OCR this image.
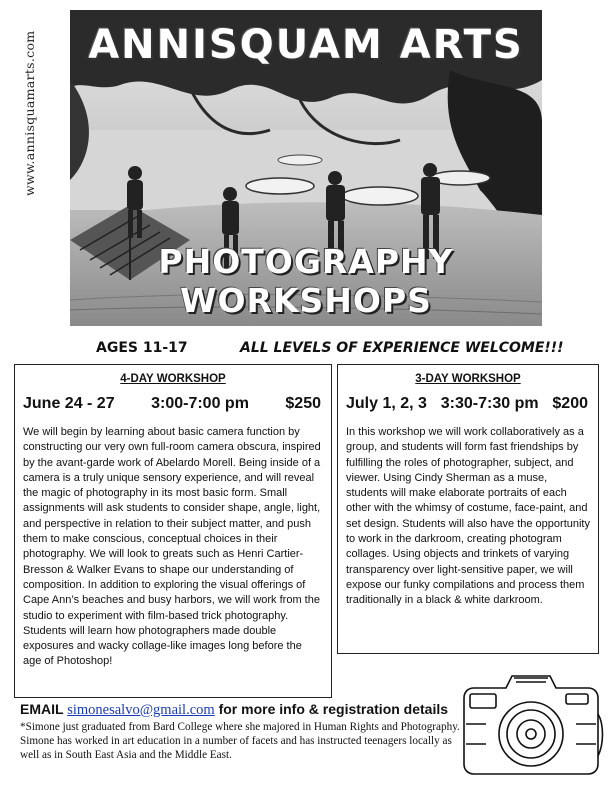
www.annisquamarts.com	ANNISQUAM ARTS
PHOTOGRAPHY WORKSHOPS
AGES 11-17	ALL LEVELS OF EXPERIENCE WELCOME!!!
4-DAY WORKSHOP
June 24 - 27 3:00-7:00 pm $250
We will begin by learning about basic camera function by constructing our very own full-room camera obscura, inspired by the avant-garde work of Abelardo Morell. Being inside of a camera is a truly unique sensory experience, and will reveal the magic of photography in its most basic form. Small assignments will ask students to consider shape, angle, light, and perspective in relation to their subject matter, and push them to make conscious, conceptual choices in their photography. We will look to greats such as Henri Cartier-Bresson & Walker Evans to shape our understanding of composition. In addition to exploring the visual offerings of Cape Ann’s beaches and busy harbors, we will work from the studio to experiment with film-based trick photography. Students will learn how photographers made double exposures and wacky collage-like images long before the age of Photoshop!
3-DAY WORKSHOP
July 1, 2, 3 3:30-7:30 pm $200
In this workshop we will work collaboratively as a group, and students will form fast friendships by fulfilling the roles of photographer, subject, and viewer. Using Cindy Sherman as a muse, students will make elaborate portraits of each other with the whimsy of costume, face-paint, and set design. Students will also have the opportunity to work in the darkroom, creating photogram collages. Using objects and trinkets of varying transparency over light-sensitive paper, we will expose our funky compilations and process them traditionally in a black & white darkroom.
EMAIL simonesalvo@gmail.com for more info & registration details
*Simone just graduated from Bard College where she majored in Human Rights and Photography. Simone has worked in art education in a number of facets and has instructed teenagers locally as well as in South East Asia and the Middle East.
